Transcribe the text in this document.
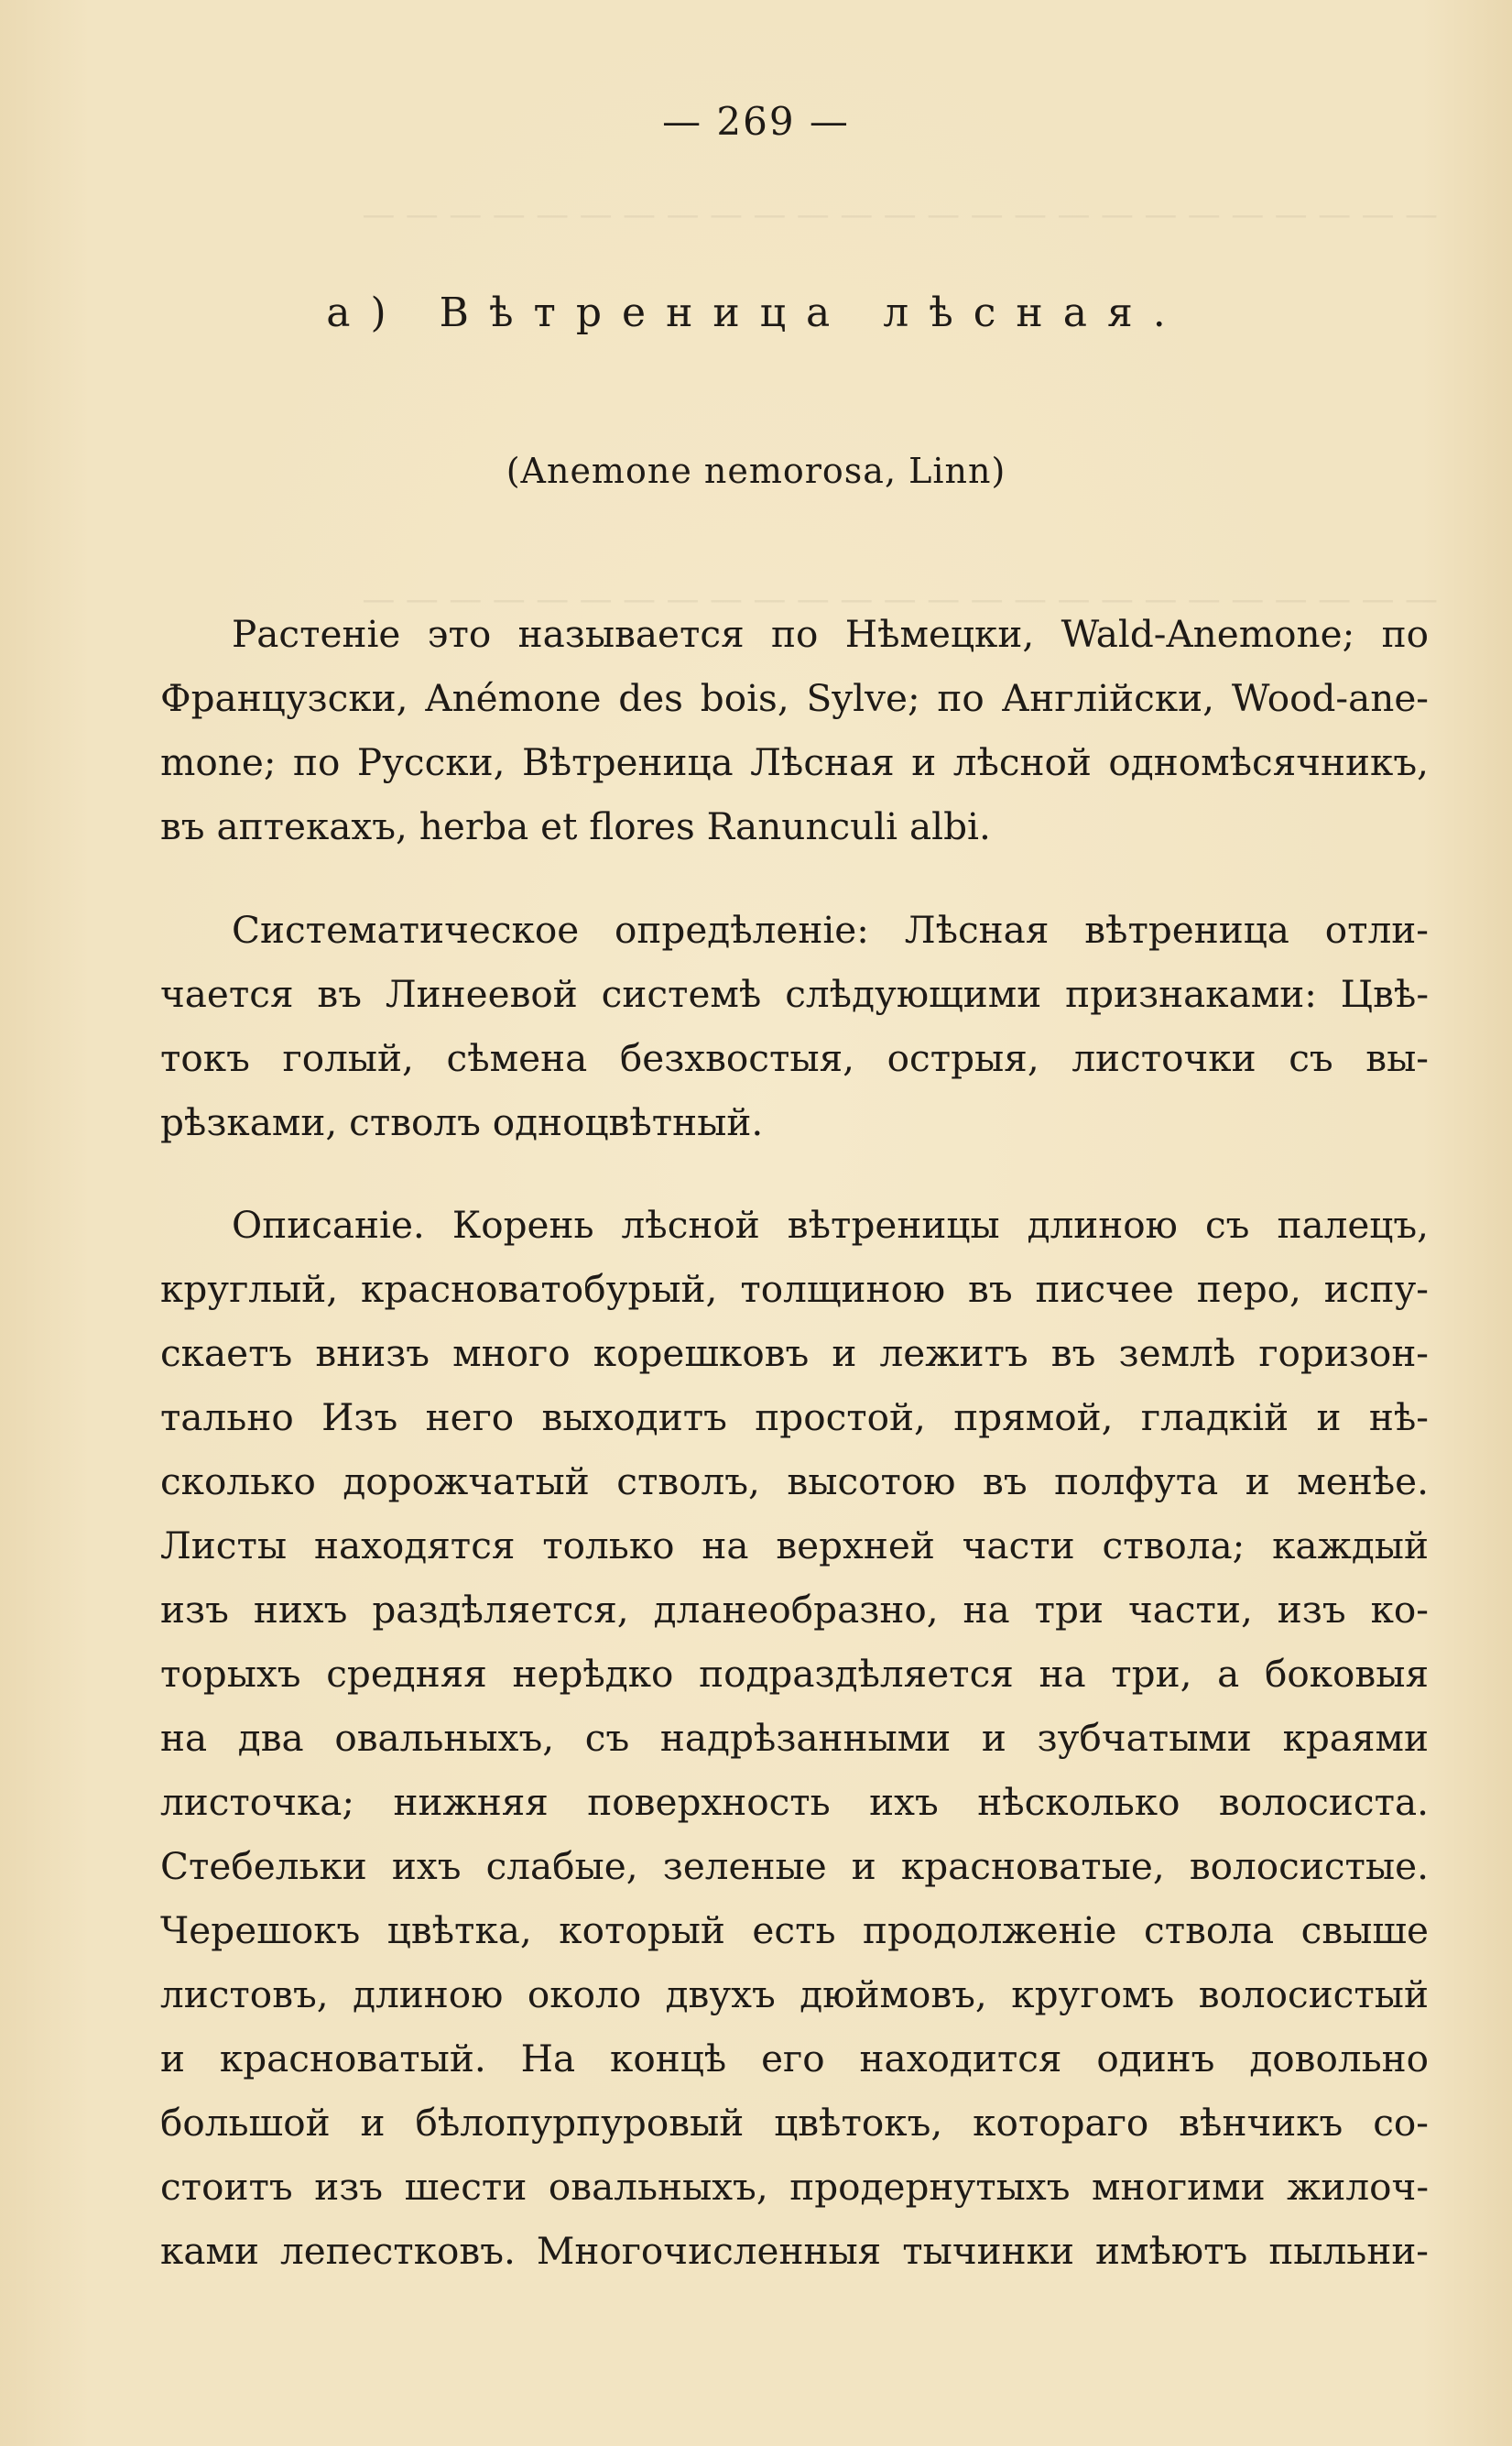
— — — — — — — — — — — — — — — — — — — — — — — — —
— — — — — — — — — — — — — — — — — — — — — — — — —
— 269 —
а) Вѣтреница лѣсная.
(Anemone nemorosa, Linn)
Растеніе это называется по Нѣмецки, Wald-Anemone; по
Французски, Anémone des bois, Sylve; по Англійски, Wood-ane-
mone; по Русски, Вѣтреница Лѣсная и лѣсной одномѣсячникъ,
въ аптекахъ, herba et flores Ranunculi albi.
Систематическое опредѣленіе: Лѣсная вѣтреница отли-
чается въ Линеевой системѣ слѣдующими признаками: Цвѣ-
токъ голый, сѣмена безхвостыя, острыя, листочки съ вы-
рѣзками, стволъ одноцвѣтный.
Описаніе. Корень лѣсной вѣтреницы длиною съ палецъ,
круглый, красноватобурый, толщиною въ писчее перо, испу-
скаетъ внизъ много корешковъ и лежитъ въ землѣ горизон-
тально Изъ него выходитъ простой, прямой, гладкій и нѣ-
сколько дорожчатый стволъ, высотою въ полфута и менѣе.
Листы находятся только на верхней части ствола; каждый
изъ нихъ раздѣляется, дланеобразно, на три части, изъ ко-
торыхъ средняя нерѣдко подраздѣляется на три, а боковыя
на два овальныхъ, съ надрѣзанными и зубчатыми краями
листочка; нижняя поверхность ихъ нѣсколько волосиста.
Стебельки ихъ слабые, зеленые и красноватые, волосистые.
Черешокъ цвѣтка, который есть продолженіе ствола свыше
листовъ, длиною около двухъ дюймовъ, кругомъ волосистый
и красноватый. На концѣ его находится одинъ довольно
большой и бѣлопурпуровый цвѣтокъ, котораго вѣнчикъ со-
стоитъ изъ шести овальныхъ, продернутыхъ многими жилоч-
ками лепестковъ. Многочисленныя тычинки имѣютъ пыльни-
